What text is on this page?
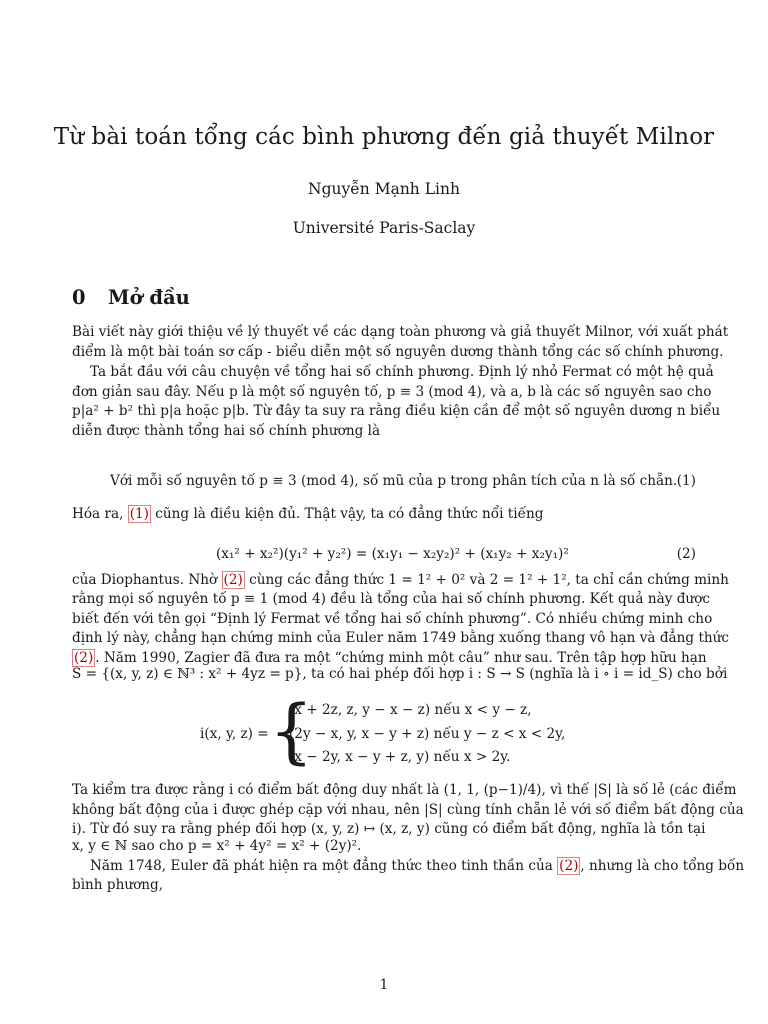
Từ bài toán tổng các bình phương đến giả thuyết Milnor
Nguyễn Mạnh Linh
Université Paris-Saclay
0 Mở đầu
Bài viết này giới thiệu về lý thuyết về các dạng toàn phương và giả thuyết Milnor, với xuất phát
điểm là một bài toán sơ cấp - biểu diễn một số nguyên dương thành tổng các số chính phương.
Ta bắt đầu với câu chuyện về tổng hai số chính phương. Định lý nhỏ Fermat có một hệ quả
đơn giản sau đây. Nếu p là một số nguyên tố, p ≡ 3 (mod 4), và a, b là các số nguyên sao cho
p|a² + b² thì p|a hoặc p|b. Từ đây ta suy ra rằng điều kiện cần để một số nguyên dương n biểu
diễn được thành tổng hai số chính phương là
Với mỗi số nguyên tố p ≡ 3 (mod 4), số mũ của p trong phân tích của n là số chẵn. (1)
Hóa ra, (1) cũng là điều kiện đủ. Thật vậy, ta có đẳng thức nổi tiếng
(x₁² + x₂²)(y₁² + y₂²) = (x₁y₁ − x₂y₂)² + (x₁y₂ + x₂y₁)²	(2)
của Diophantus. Nhờ (2) cùng các đẳng thức 1 = 1² + 0² và 2 = 1² + 1², ta chỉ cần chứng minh
rằng mọi số nguyên tố p ≡ 1 (mod 4) đều là tổng của hai số chính phương. Kết quả này được
biết đến với tên gọi “Định lý Fermat về tổng hai số chính phương”. Có nhiều chứng minh cho
định lý này, chẳng hạn chứng minh của Euler năm 1749 bằng xuống thang vô hạn và đẳng thức
(2) . Năm 1990, Zagier đã đưa ra một “chứng minh một câu” như sau. Trên tập hợp hữu hạn
S = {(x, y, z) ∈ ℕ³ : x² + 4yz = p}, ta có hai phép đối hợp i : S → S (nghĩa là i ∘ i = id_S) cho bởi
i(x, y, z) = {
(x + 2z, z, y − x − z) nếu x < y − z,
(2y − x, y, x − y + z) nếu y − z < x < 2y,
(x − 2y, x − y + z, y) nếu x > 2y.
Ta kiểm tra được rằng i có điểm bất động duy nhất là (1, 1, (p−1)/4), vì thế |S| là số lẻ (các điểm
không bất động của i được ghép cặp với nhau, nên |S| cùng tính chẵn lẻ với số điểm bất động của
i). Từ đó suy ra rằng phép đối hợp (x, y, z) ↦ (x, z, y) cũng có điểm bất động, nghĩa là tồn tại
x, y ∈ ℕ sao cho p = x² + 4y² = x² + (2y)².
Năm 1748, Euler đã phát hiện ra một đẳng thức theo tinh thần của (2) , nhưng là cho tổng bốn
bình phương,
1
